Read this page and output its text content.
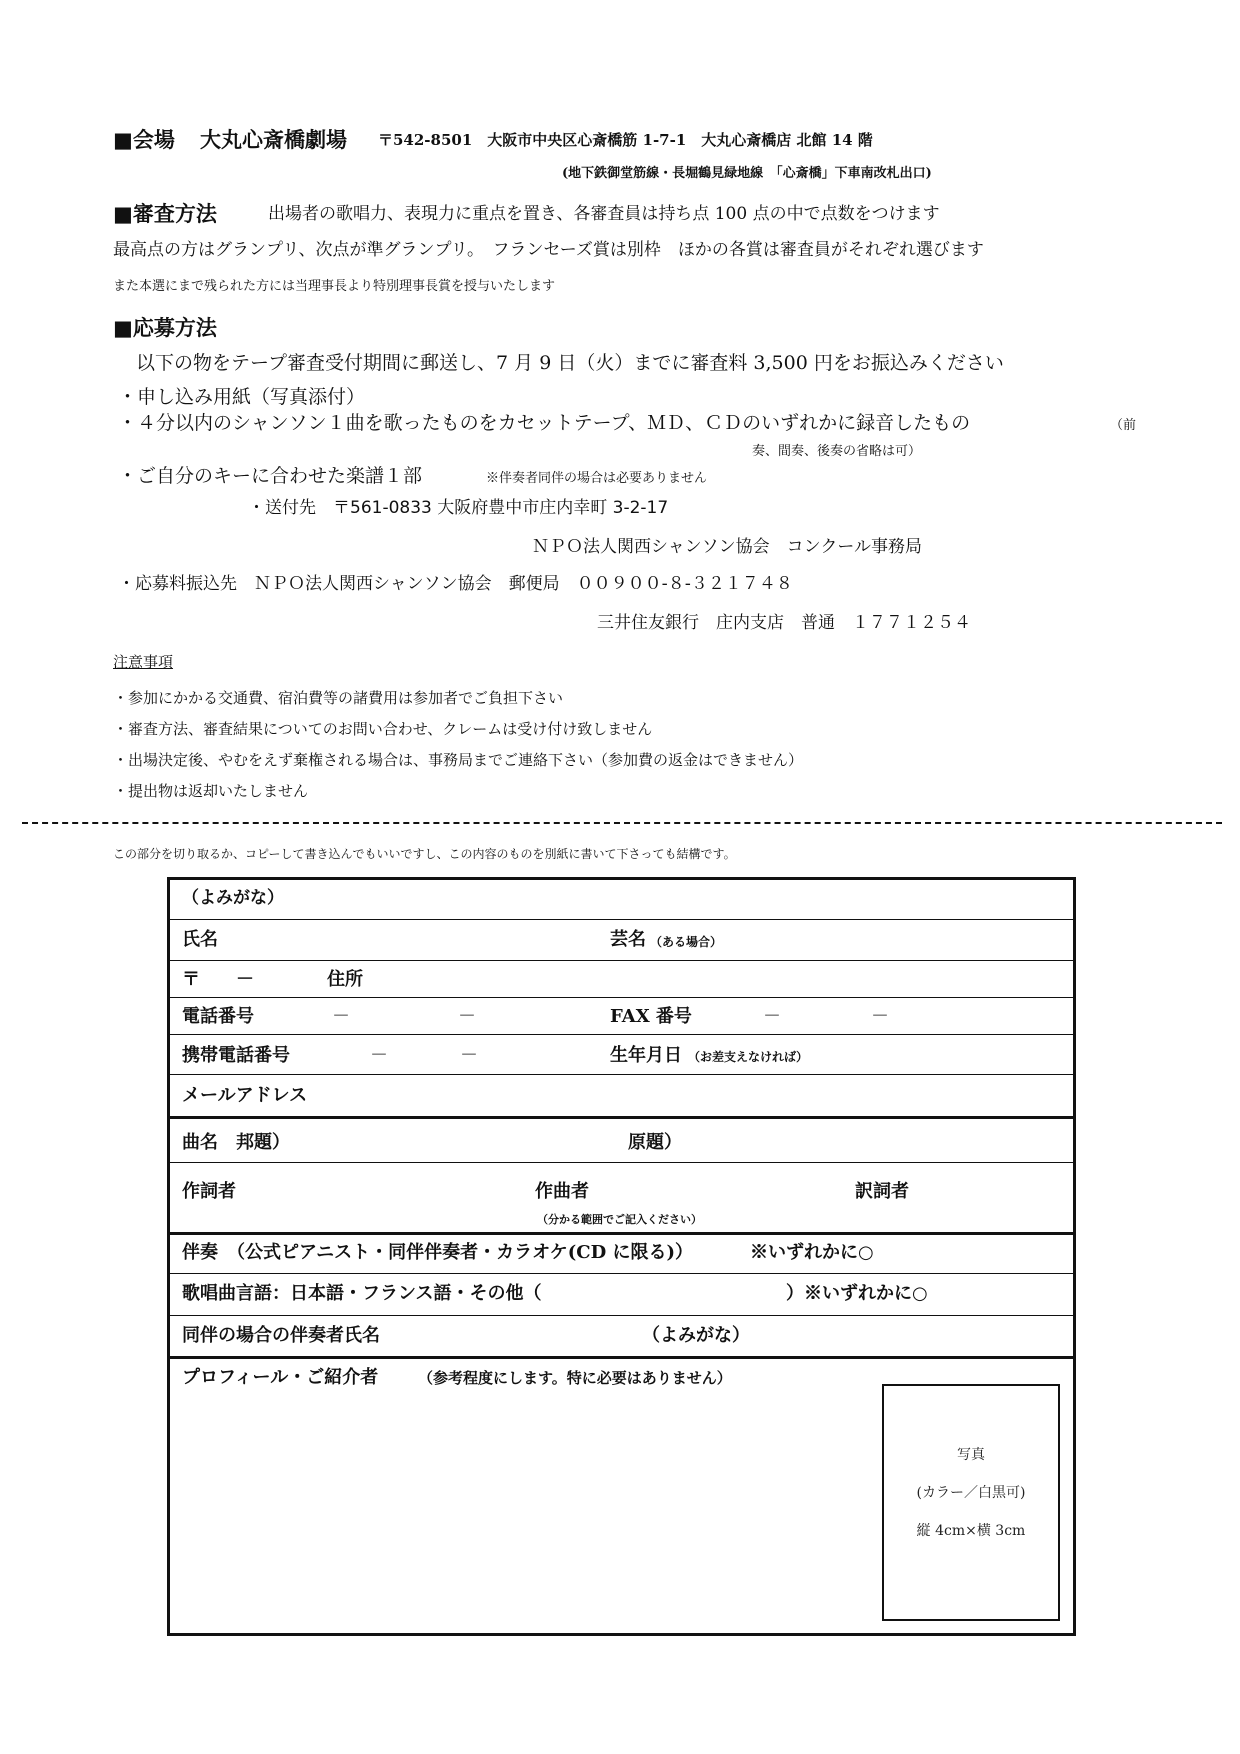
■会場 大丸心斎橋劇場 〒542-8501　大阪市中央区心斎橋筋 1-7-1　大丸心斎橋店 北館 14 階
(地下鉄御堂筋線・長堀鶴見緑地線　「心斎橋」下車南改札出口)
■審査方法	出場者の歌唱力、表現力に重点を置き、各審査員は持ち点 100 点の中で点数をつけます
最高点の方はグランプリ、次点が準グランプリ。　フランセーズ賞は別枠　ほかの各賞は審査員がそれぞれ選びます
また本選にまで残られた方には当理事長より特別理事長賞を授与いたします
■応募方法
以下の物をテープ審査受付期間に郵送し、7 月 9 日（火）までに審査料 3,500 円をお振込みください
・申し込み用紙（写真添付）
・４分以内のシャンソン１曲を歌ったものをカセットテープ、ＭＤ、ＣＤのいずれかに録音したもの	（前
奏、間奏、後奏の省略は可）
・ご自分のキーに合わせた楽譜１部	※伴奏者同伴の場合は必要ありません
・送付先　〒561-0833 大阪府豊中市庄内幸町 3-2-17
ＮＰＯ法人関西シャンソン協会　コンクール事務局
・応募料振込先　ＮＰＯ法人関西シャンソン協会　郵便局　００９００-８-３２１７４８
三井住友銀行　庄内支店　普通　１７７１２５４
注意事項
・参加にかかる交通費、宿泊費等の諸費用は参加者でご負担下さい
・審査方法、審査結果についてのお問い合わせ、クレームは受け付け致しません
・出場決定後、やむをえず棄権される場合は、事務局までご連絡下さい（参加費の返金はできません）
・提出物は返却いたしません
この部分を切り取るか、コピーして書き込んでもいいですし、この内容のものを別紙に書いて下さっても結構です。
（よみがな）
氏名	芸名 （ある場合）
〒　　－	住所
電話番号	－　　　　　　－	FAX 番号	－　　　　　－
携帯電話番号	－　　　　－	生年月日 （お差支えなければ）
メールアドレス
曲名　邦題）	原題）
作詞者	作曲者	訳詞者
（分かる範囲でご記入ください）
伴奏　（公式ピアニスト・同伴伴奏者・カラオケ(CD に限る)）	※いずれかに○
歌唱曲言語：日本語・フランス語・その他（	）※いずれかに○
同伴の場合の伴奏者氏名	（よみがな）
プロフィール・ご紹介者	（参考程度にします。特に必要はありません）
写真
(カラー／白黒可)
縦 4cm×横 3cm
